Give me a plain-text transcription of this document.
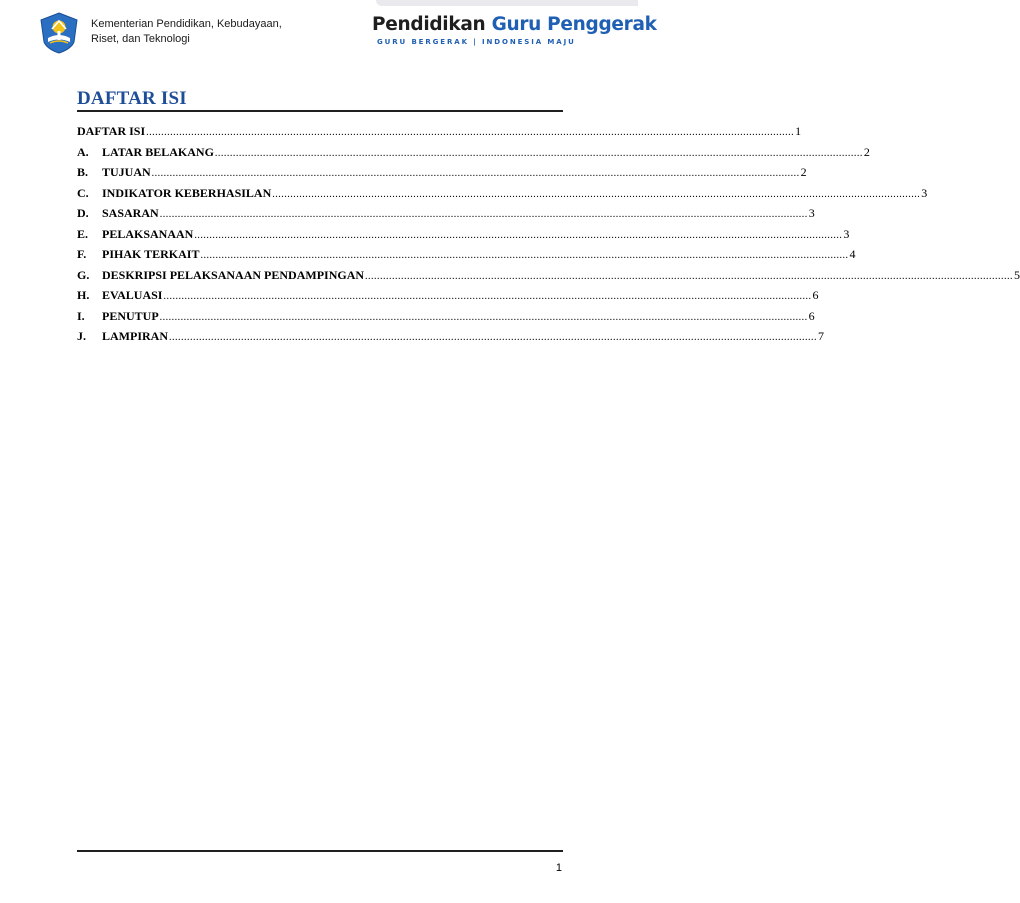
Kementerian Pendidikan, Kebudayaan,
Riset, dan Teknologi
Pendidikan Guru Penggerak
GURU BERGERAK | INDONESIA MAJU
DAFTAR ISI
DAFTAR ISI .....	1
A.	LATAR BELAKANG .....	2
B.	TUJUAN .....	2
C.	INDIKATOR KEBERHASILAN .....	3
D.	SASARAN .....	3
E.	PELAKSANAAN .....	3
F.	PIHAK TERKAIT .....	4
G.	DESKRIPSI PELAKSANAAN PENDAMPINGAN .....	5
H.	EVALUASI .....	6
I.	PENUTUP .....	6
J.	LAMPIRAN .....	7
1
